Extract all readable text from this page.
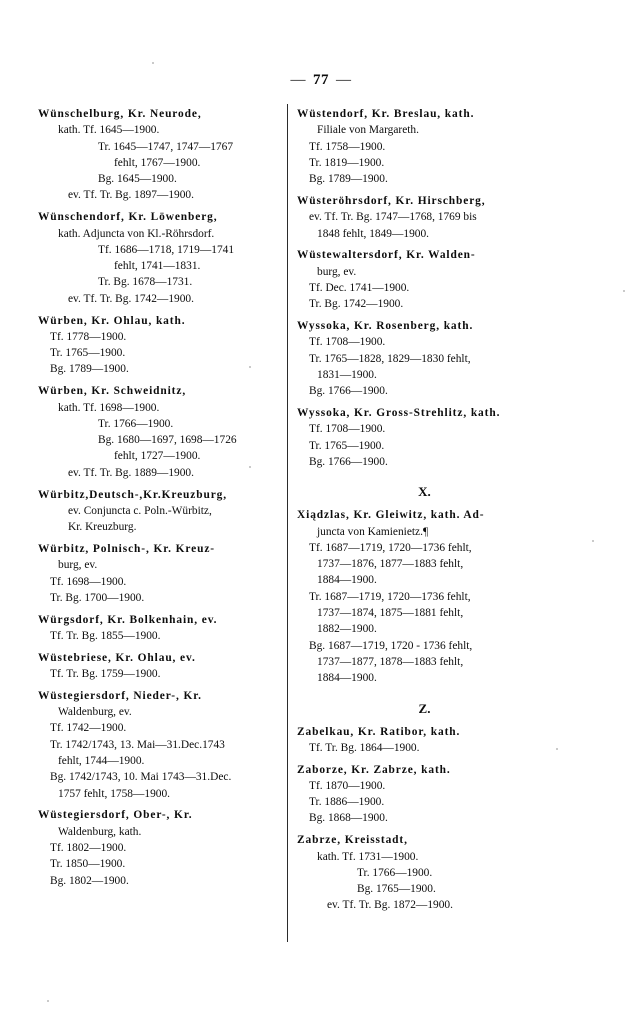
— 77 —
Wünschelburg, Kr. Neurode,
kath. Tf. 1645—1900.
Tr. 1645—1747, 1747—1767
fehlt, 1767—1900.
Bg. 1645—1900.
ev. Tf. Tr. Bg. 1897—1900.
Wünschendorf, Kr. Löwenberg,
kath. Adjuncta von Kl.-Röhrsdorf.
Tf. 1686—1718, 1719—1741
fehlt, 1741—1831.
Tr. Bg. 1678—1731.
ev. Tf. Tr. Bg. 1742—1900.
Würben, Kr. Ohlau, kath.
Tf. 1778—1900.
Tr. 1765—1900.
Bg. 1789—1900.
Würben, Kr. Schweidnitz,
kath. Tf. 1698—1900.
Tr. 1766—1900.
Bg. 1680—1697, 1698—1726
fehlt, 1727—1900.
ev. Tf. Tr. Bg. 1889—1900.
Würbitz,Deutsch-,Kr.Kreuzburg,
ev. Conjuncta c. Poln.-Würbitz,
Kr. Kreuzburg.
Würbitz, Polnisch-, Kr. Kreuz-
burg, ev.
Tf. 1698—1900.
Tr. Bg. 1700—1900.
Würgsdorf, Kr. Bolkenhain, ev.
Tf. Tr. Bg. 1855—1900.
Wüstebriese, Kr. Ohlau, ev.
Tf. Tr. Bg. 1759—1900.
Wüstegiersdorf, Nieder-, Kr.
Waldenburg, ev.
Tf. 1742—1900.
Tr. 1742/1743, 13. Mai—31.Dec.1743
fehlt, 1744—1900.
Bg. 1742/1743, 10. Mai 1743—31.Dec.
1757 fehlt, 1758—1900.
Wüstegiersdorf, Ober-, Kr.
Waldenburg, kath.
Tf. 1802—1900.
Tr. 1850—1900.
Bg. 1802—1900.
Wüstendorf, Kr. Breslau, kath.
Filiale von Margareth.
Tf. 1758—1900.
Tr. 1819—1900.
Bg. 1789—1900.
Wüsteröhrsdorf, Kr. Hirschberg,
ev. Tf. Tr. Bg. 1747—1768, 1769 bis
1848 fehlt, 1849—1900.
Wüstewaltersdorf, Kr. Walden-
burg, ev.
Tf. Dec. 1741—1900.
Tr. Bg. 1742—1900.
Wyssoka, Kr. Rosenberg, kath.
Tf. 1708—1900.
Tr. 1765—1828, 1829—1830 fehlt,
1831—1900.
Bg. 1766—1900.
Wyssoka, Kr. Gross-Strehlitz, kath.
Tf. 1708—1900.
Tr. 1765—1900.
Bg. 1766—1900.
X.
Xiądzlas, Kr. Gleiwitz, kath. Ad-
juncta von Kamienietz.¶
Tf. 1687—1719, 1720—1736 fehlt,
1737—1876, 1877—1883 fehlt,
1884—1900.
Tr. 1687—1719, 1720—1736 fehlt,
1737—1874, 1875—1881 fehlt,
1882—1900.
Bg. 1687—1719, 1720 - 1736 fehlt,
1737—1877, 1878—1883 fehlt,
1884—1900.
Z.
Zabelkau, Kr. Ratibor, kath.
Tf. Tr. Bg. 1864—1900.
Zaborze, Kr. Zabrze, kath.
Tf. 1870—1900.
Tr. 1886—1900.
Bg. 1868—1900.
Zabrze, Kreisstadt,
kath. Tf. 1731—1900.
Tr. 1766—1900.
Bg. 1765—1900.
ev. Tf. Tr. Bg. 1872—1900.
